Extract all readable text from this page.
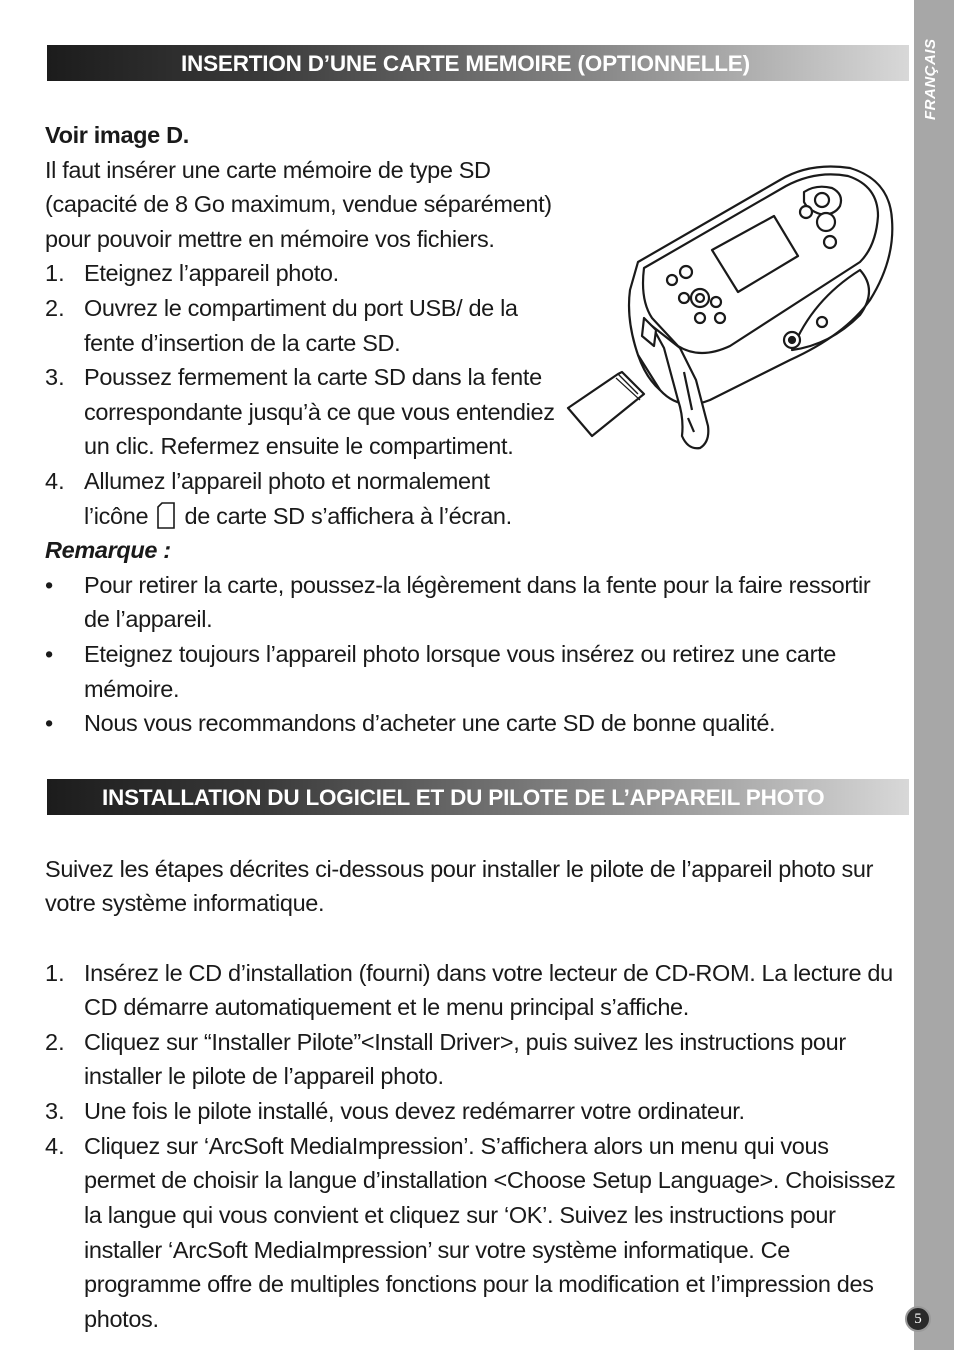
FRANÇAIS
INSERTION D’UNE CARTE MEMOIRE (OPTIONNELLE)
Voir image D.
Il faut insérer une carte mémoire de type SD
(capacité de 8 Go maximum, vendue séparément)
pour pouvoir mettre en mémoire vos fichiers.
1. Eteignez l’appareil photo.
2. Ouvrez le compartiment du port USB/ de la
fente d’insertion de la carte SD.
3. Poussez fermement la carte SD dans la fente
correspondante jusqu’à ce que vous entendiez
un clic. Refermez ensuite le compartiment.
4. Allumez l’appareil photo et normalement
l’icône de carte SD s’affichera à l’écran.
Remarque :
• Pour retirer la carte, poussez-la légèrement dans la fente pour la faire ressortir
de l’appareil.
• Eteignez toujours l’appareil photo lorsque vous insérez ou retirez une carte
mémoire.
• Nous vous recommandons d’acheter une carte SD de bonne qualité.
INSTALLATION DU LOGICIEL ET DU PILOTE DE L’APPAREIL PHOTO
Suivez les étapes décrites ci-dessous pour installer le pilote de l’appareil photo sur
votre système informatique.
1. Insérez le CD d’installation (fourni) dans votre lecteur de CD-ROM. La lecture du
CD démarre automatiquement et le menu principal s’affiche.
2. Cliquez sur “Installer Pilote”<Install Driver>, puis suivez les instructions pour
installer le pilote de l’appareil photo.
3. Une fois le pilote installé, vous devez redémarrer votre ordinateur.
4. Cliquez sur ‘ArcSoft MediaImpression’. S’affichera alors un menu qui vous
permet de choisir la langue d’installation <Choose Setup Language>. Choisissez
la langue qui vous convient et cliquez sur ‘OK’. Suivez les instructions pour
installer ‘ArcSoft MediaImpression’ sur votre système informatique. Ce
programme offre de multiples fonctions pour la modification et l’impression des
photos.	5
